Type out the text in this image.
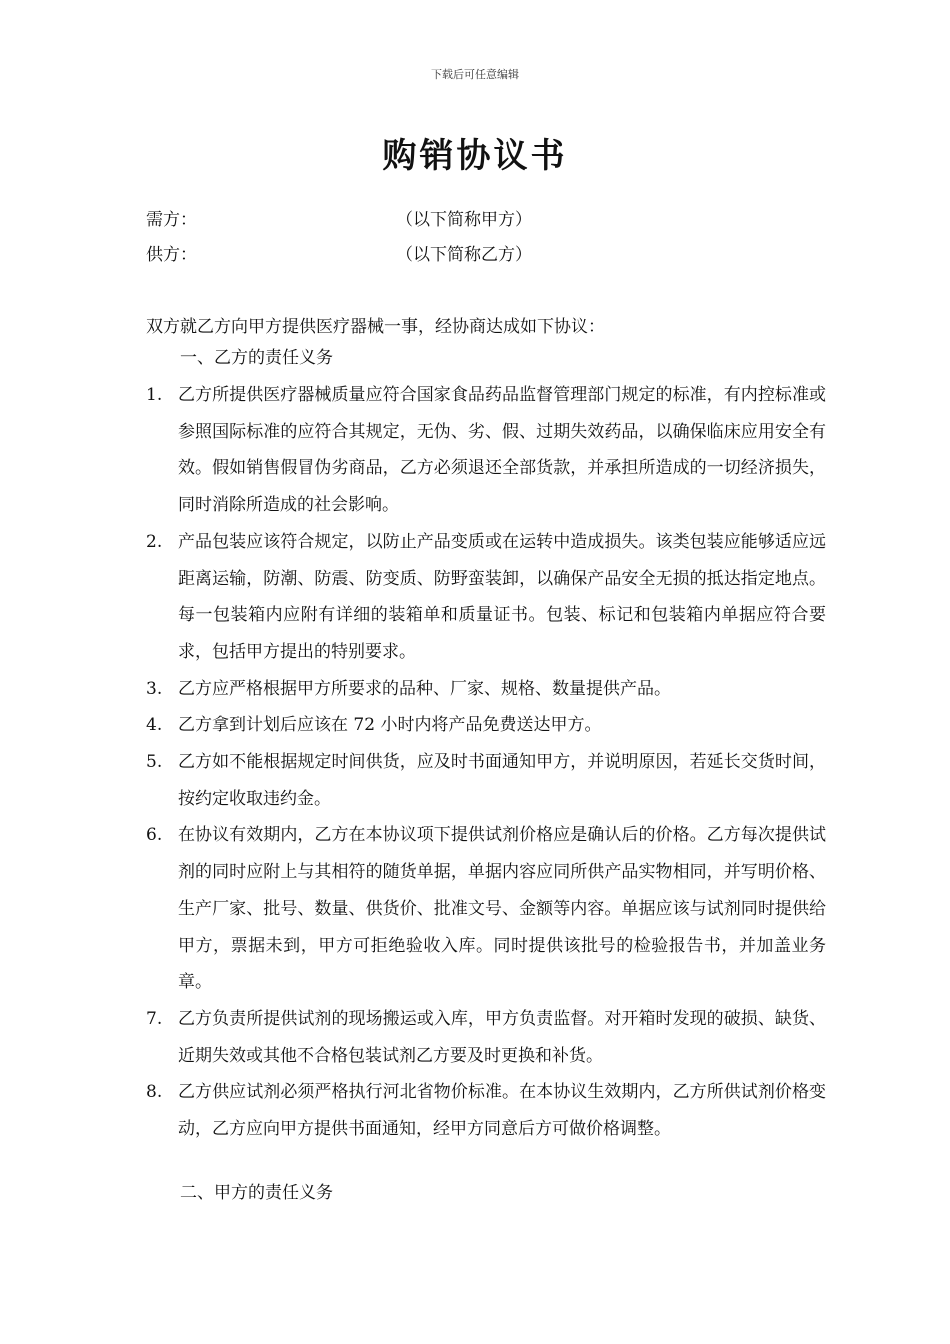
下载后可任意编辑
购销协议书
需方：	（以下简称甲方）
供方：	（以下简称乙方）
双方就乙方向甲方提供医疗器械一事，经协商达成如下协议：
一、乙方的责任义务
1. 乙方所提供医疗器械质量应符合国家食品药品监督管理部门规定的标准，有内控标准或参照国际标准的应符合其规定，无伪、劣、假、过期失效药品，以确保临床应用安全有效。假如销售假冒伪劣商品，乙方必须退还全部货款，并承担所造成的一切经济损失，同时消除所造成的社会影响。
2. 产品包装应该符合规定，以防止产品变质或在运转中造成损失。该类包装应能够适应远距离运输，防潮、防震、防变质、防野蛮装卸，以确保产品安全无损的抵达指定地点。每一包装箱内应附有详细的装箱单和质量证书。包装、标记和包装箱内单据应符合要求，包括甲方提出的特别要求。
3. 乙方应严格根据甲方所要求的品种、厂家、规格、数量提供产品。
4. 乙方拿到计划后应该在 72 小时内将产品免费送达甲方。
5. 乙方如不能根据规定时间供货，应及时书面通知甲方，并说明原因，若延长交货时间，按约定收取违约金。
6. 在协议有效期内，乙方在本协议项下提供试剂价格应是确认后的价格。乙方每次提供试剂的同时应附上与其相符的随货单据，单据内容应同所供产品实物相同，并写明价格、生产厂家、批号、数量、供货价、批准文号、金额等内容。单据应该与试剂同时提供给甲方，票据未到，甲方可拒绝验收入库。同时提供该批号的检验报告书，并加盖业务章。
7. 乙方负责所提供试剂的现场搬运或入库，甲方负责监督。对开箱时发现的破损、缺货、近期失效或其他不合格包装试剂乙方要及时更换和补货。
8. 乙方供应试剂必须严格执行河北省物价标准。在本协议生效期内，乙方所供试剂价格变动，乙方应向甲方提供书面通知，经甲方同意后方可做价格调整。
二、甲方的责任义务
